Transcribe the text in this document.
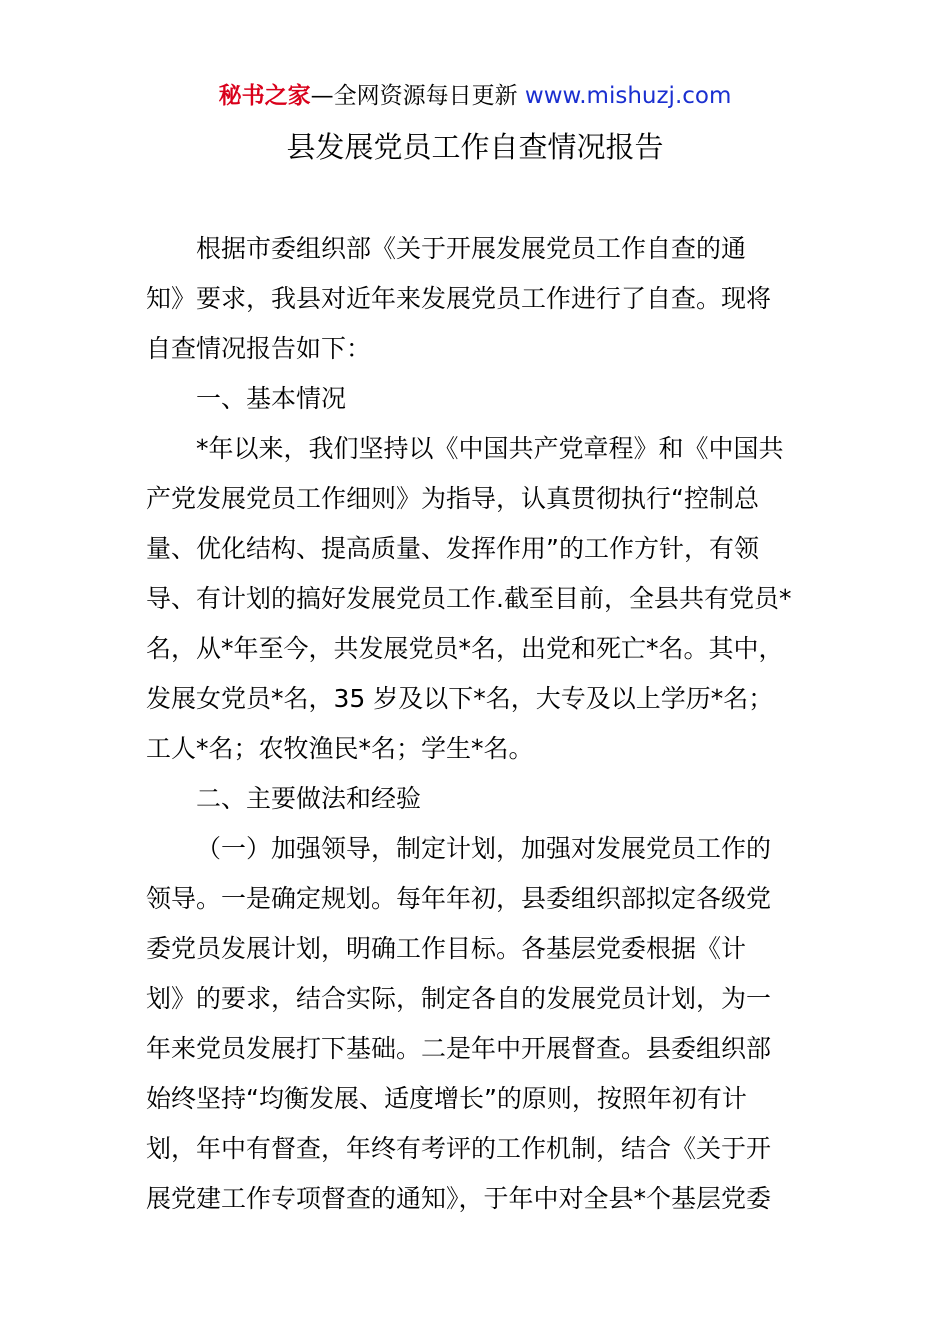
秘书之家—全网资源每日更新 www.mishuzj.com
县发展党员工作自查情况报告
根据市委组织部《关于开展发展党员工作自查的通
知》要求，我县对近年来发展党员工作进行了自查。现将
自查情况报告如下：
一、基本情况
*年以来，我们坚持以《中国共产党章程》和《中国共
产党发展党员工作细则》为指导，认真贯彻执行“控制总
量、优化结构、提高质量、发挥作用”的工作方针，有领
导、有计划的搞好发展党员工作.截至目前，全县共有党员*
名，从*年至今，共发展党员*名，出党和死亡*名。其中，
发展女党员*名，35 岁及以下*名，大专及以上学历*名；
工人*名；农牧渔民*名；学生*名。
二、主要做法和经验
（一）加强领导，制定计划，加强对发展党员工作的
领导。一是确定规划。每年年初，县委组织部拟定各级党
委党员发展计划，明确工作目标。各基层党委根据《计
划》的要求，结合实际，制定各自的发展党员计划，为一
年来党员发展打下基础。二是年中开展督查。县委组织部
始终坚持“均衡发展、适度增长”的原则，按照年初有计
划，年中有督查，年终有考评的工作机制，结合《关于开
展党建工作专项督查的通知》，于年中对全县*个基层党委
